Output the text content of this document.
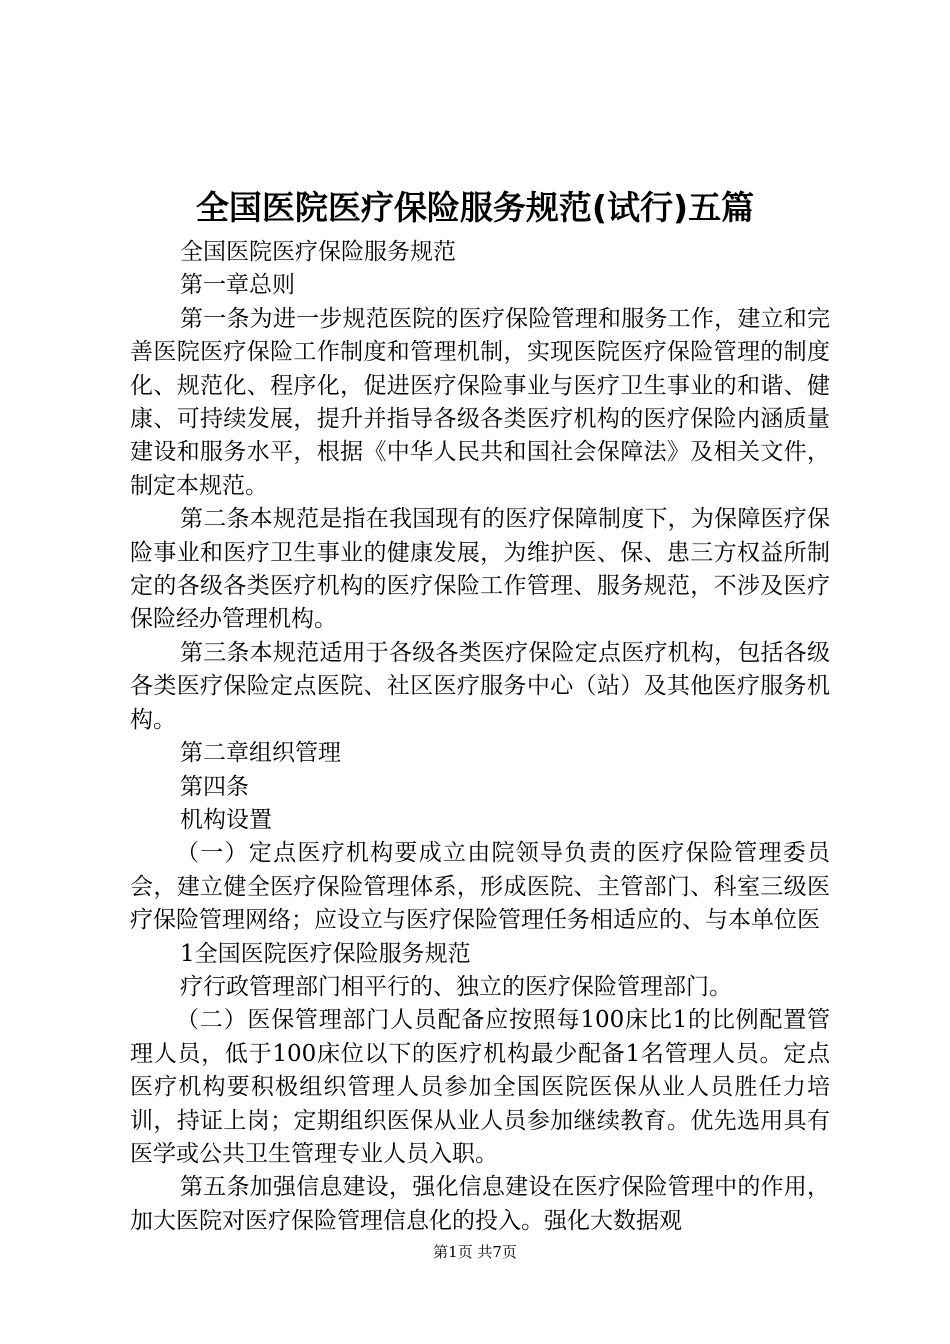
全国医院医疗保险服务规范(试行)五篇

全国医院医疗保险服务规范

第一章总则

第一条为进一步规范医院的医疗保险管理和服务工作，建立和完善医院医疗保险工作制度和管理机制，实现医院医疗保险管理的制度化、规范化、程序化，促进医疗保险事业与医疗卫生事业的和谐、健康、可持续发展，提升并指导各级各类医疗机构的医疗保险内涵质量建设和服务水平，根据《中华人民共和国社会保障法》及相关文件，制定本规范。

第二条本规范是指在我国现有的医疗保障制度下，为保障医疗保险事业和医疗卫生事业的健康发展，为维护医、保、患三方权益所制定的各级各类医疗机构的医疗保险工作管理、服务规范，不涉及医疗保险经办管理机构。

第三条本规范适用于各级各类医疗保险定点医疗机构，包括各级各类医疗保险定点医院、社区医疗服务中心（站）及其他医疗服务机构。

第二章组织管理

第四条

机构设置

（一）定点医疗机构要成立由院领导负责的医疗保险管理委员会，建立健全医疗保险管理体系，形成医院、主管部门、科室三级医疗保险管理网络；应设立与医疗保险管理任务相适应的、与本单位医

1全国医院医疗保险服务规范

疗行政管理部门相平行的、独立的医疗保险管理部门。

（二）医保管理部门人员配备应按照每100床比1的比例配置管理人员，低于100床位以下的医疗机构最少配备1名管理人员。定点医疗机构要积极组织管理人员参加全国医院医保从业人员胜任力培训，持证上岗；定期组织医保从业人员参加继续教育。优先选用具有医学或公共卫生管理专业人员入职。

第五条加强信息建设，强化信息建设在医疗保险管理中的作用，加大医院对医疗保险管理信息化的投入。强化大数据观

第1页 共7页
